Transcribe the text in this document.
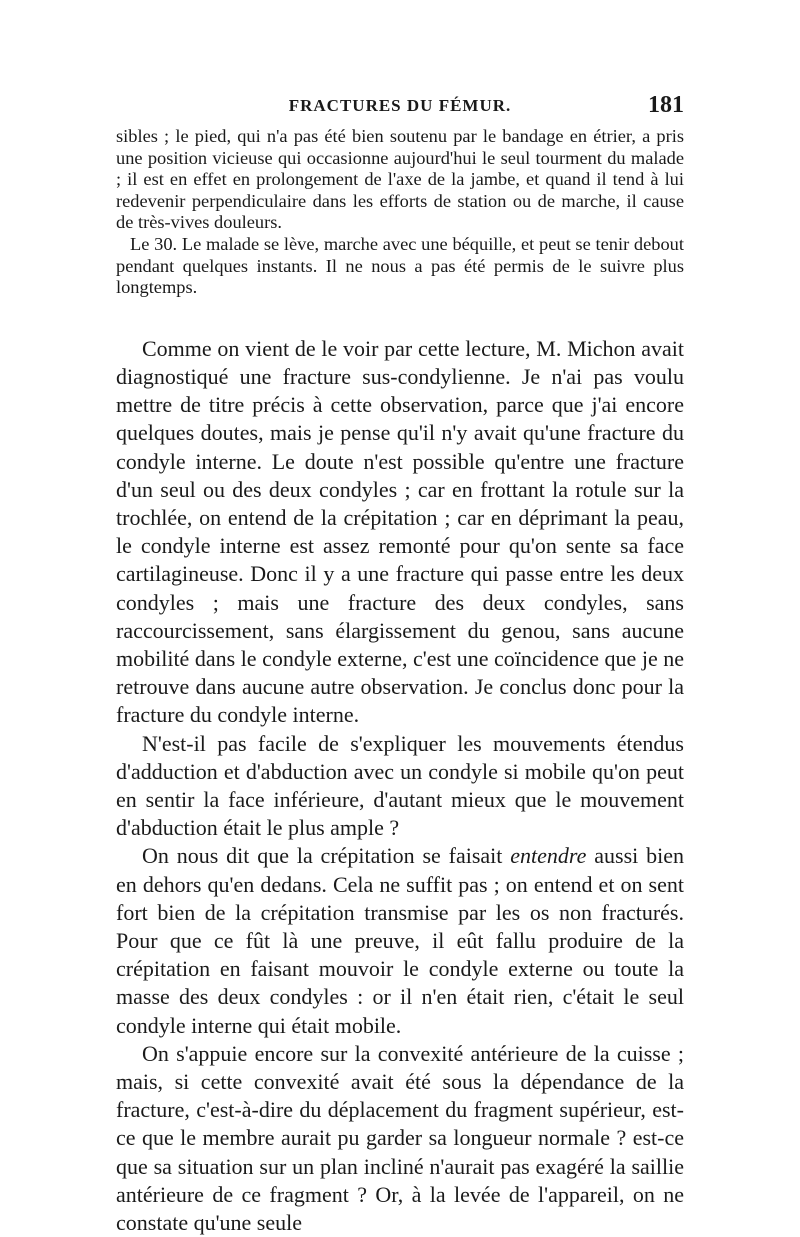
FRACTURES DU FÉMUR.	181

sibles ; le pied, qui n'a pas été bien soutenu par le bandage en étrier, a pris une position vicieuse qui occasionne aujourd'hui le seul tourment du malade ; il est en effet en prolongement de l'axe de la jambe, et quand il tend à lui redevenir perpendiculaire dans les efforts de station ou de marche, il cause de très-vives douleurs.

Le 30. Le malade se lève, marche avec une béquille, et peut se tenir debout pendant quelques instants. Il ne nous a pas été permis de le suivre plus longtemps.

Comme on vient de le voir par cette lecture, M. Michon avait diagnostiqué une fracture sus-condylienne. Je n'ai pas voulu mettre de titre précis à cette observation, parce que j'ai encore quelques doutes, mais je pense qu'il n'y avait qu'une fracture du condyle interne. Le doute n'est possible qu'entre une fracture d'un seul ou des deux condyles ; car en frottant la rotule sur la trochlée, on entend de la crépitation ; car en déprimant la peau, le condyle interne est assez remonté pour qu'on sente sa face cartilagineuse. Donc il y a une fracture qui passe entre les deux condyles ; mais une fracture des deux condyles, sans raccourcissement, sans élargissement du genou, sans aucune mobilité dans le condyle externe, c'est une coïncidence que je ne retrouve dans aucune autre observation. Je conclus donc pour la fracture du condyle interne.

N'est-il pas facile de s'expliquer les mouvements étendus d'adduction et d'abduction avec un condyle si mobile qu'on peut en sentir la face inférieure, d'autant mieux que le mouvement d'abduction était le plus ample ?

On nous dit que la crépitation se faisait entendre aussi bien en dehors qu'en dedans. Cela ne suffit pas ; on entend et on sent fort bien de la crépitation transmise par les os non fracturés. Pour que ce fût là une preuve, il eût fallu produire de la crépitation en faisant mouvoir le condyle externe ou toute la masse des deux condyles : or il n'en était rien, c'était le seul condyle interne qui était mobile.

On s'appuie encore sur la convexité antérieure de la cuisse ; mais, si cette convexité avait été sous la dépendance de la fracture, c'est-à-dire du déplacement du fragment supérieur, est-ce que le membre aurait pu garder sa longueur normale ? est-ce que sa situation sur un plan incliné n'aurait pas exagéré la saillie antérieure de ce fragment ? Or, à la levée de l'appareil, on ne constate qu'une seule
